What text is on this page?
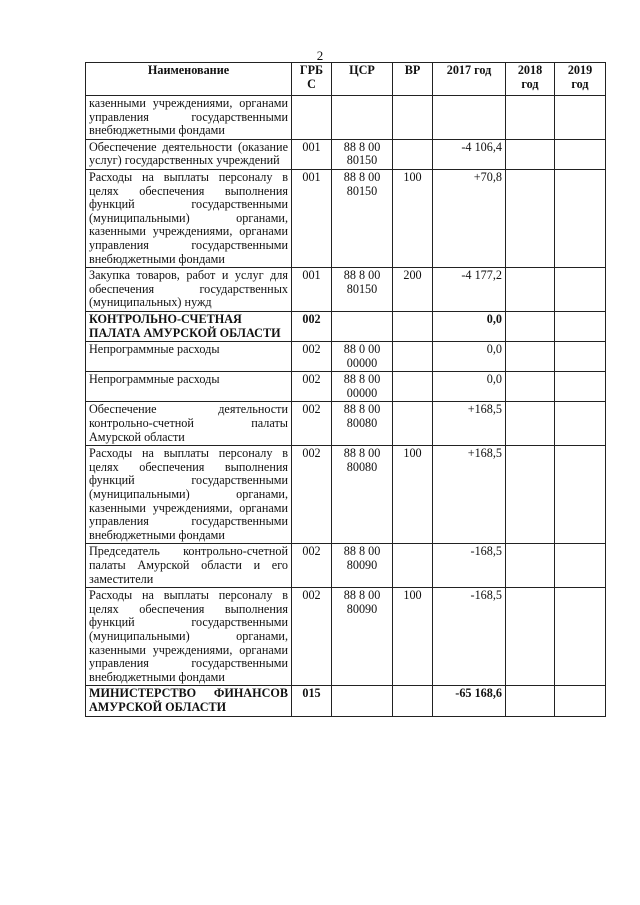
2
Наименование	ГРБ С	ЦСР	ВР	2017 год	2018 год	2019 год
казенными учреждениями, органами управления государственными внебюджетными фондами						
Обеспечение деятельности (оказание услуг) государственных учреждений	001	88 8 00 80150		-4 106,4		
Расходы на выплаты персоналу в целях обеспечения выполнения функций государственными (муниципальными) органами, казенными учреждениями, органами управления государственными внебюджетными фондами	001	88 8 00 80150	100	+70,8		
Закупка товаров, работ и услуг для обеспечения государственных (муниципальных) нужд	001	88 8 00 80150	200	-4 177,2		
КОНТРОЛЬНО-СЧЕТНАЯ ПАЛАТА АМУРСКОЙ ОБЛАСТИ	002			0,0		
Непрограммные расходы	002	88 0 00 00000		0,0		
Непрограммные расходы	002	88 8 00 00000		0,0		
Обеспечение деятельности контрольно-счетной палаты Амурской области	002	88 8 00 80080		+168,5		
Расходы на выплаты персоналу в целях обеспечения выполнения функций государственными (муниципальными) органами, казенными учреждениями, органами управления государственными внебюджетными фондами	002	88 8 00 80080	100	+168,5		
Председатель контрольно-счетной палаты Амурской области и его заместители	002	88 8 00 80090		-168,5		
Расходы на выплаты персоналу в целях обеспечения выполнения функций государственными (муниципальными) органами, казенными учреждениями, органами управления государственными внебюджетными фондами	002	88 8 00 80090	100	-168,5		
МИНИСТЕРСТВО ФИНАНСОВ АМУРСКОЙ ОБЛАСТИ	015			-65 168,6		
